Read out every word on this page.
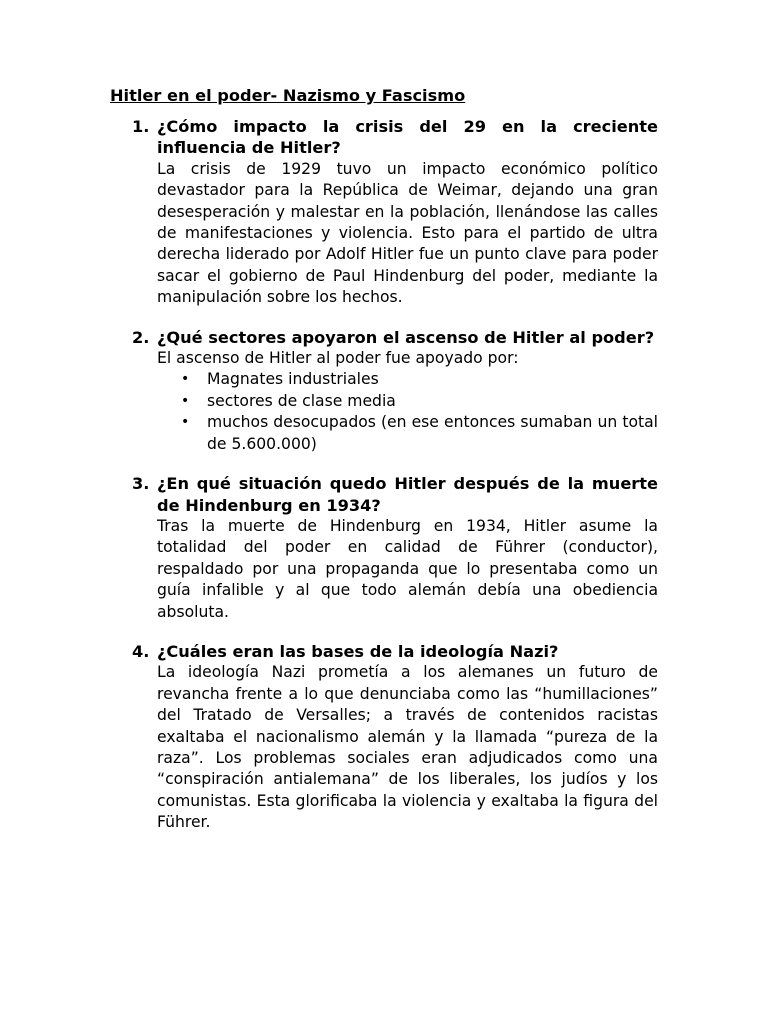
Hitler en el poder- Nazismo y Fascismo
1. ¿Cómo impacto la crisis del 29 en la creciente influencia de Hitler?

La crisis de 1929 tuvo un impacto económico político devastador para la República de Weimar, dejando una gran desesperación y malestar en la población, llenándose las calles de manifestaciones y violencia. Esto para el partido de ultra derecha liderado por Adolf Hitler fue un punto clave para poder sacar el gobierno de Paul Hindenburg del poder, mediante la manipulación sobre los hechos.

2. ¿Qué sectores apoyaron el ascenso de Hitler al poder?

El ascenso de Hitler al poder fue apoyado por:

• Magnates industriales
• sectores de clase media
• muchos desocupados (en ese entonces sumaban un total de 5.600.000)
3. ¿En qué situación quedo Hitler después de la muerte de Hindenburg en 1934?

Tras la muerte de Hindenburg en 1934, Hitler asume la totalidad del poder en calidad de Führer (conductor), respaldado por una propaganda que lo presentaba como un guía infalible y al que todo alemán debía una obediencia absoluta.

4. ¿Cuáles eran las bases de la ideología Nazi?

La ideología Nazi prometía a los alemanes un futuro de revancha frente a lo que denunciaba como las “humillaciones” del Tratado de Versalles; a través de contenidos racistas exaltaba el nacionalismo alemán y la llamada “pureza de la raza”. Los problemas sociales eran adjudicados como una “conspiración antialemana” de los liberales, los judíos y los comunistas. Esta glorificaba la violencia y exaltaba la figura del Führer.
